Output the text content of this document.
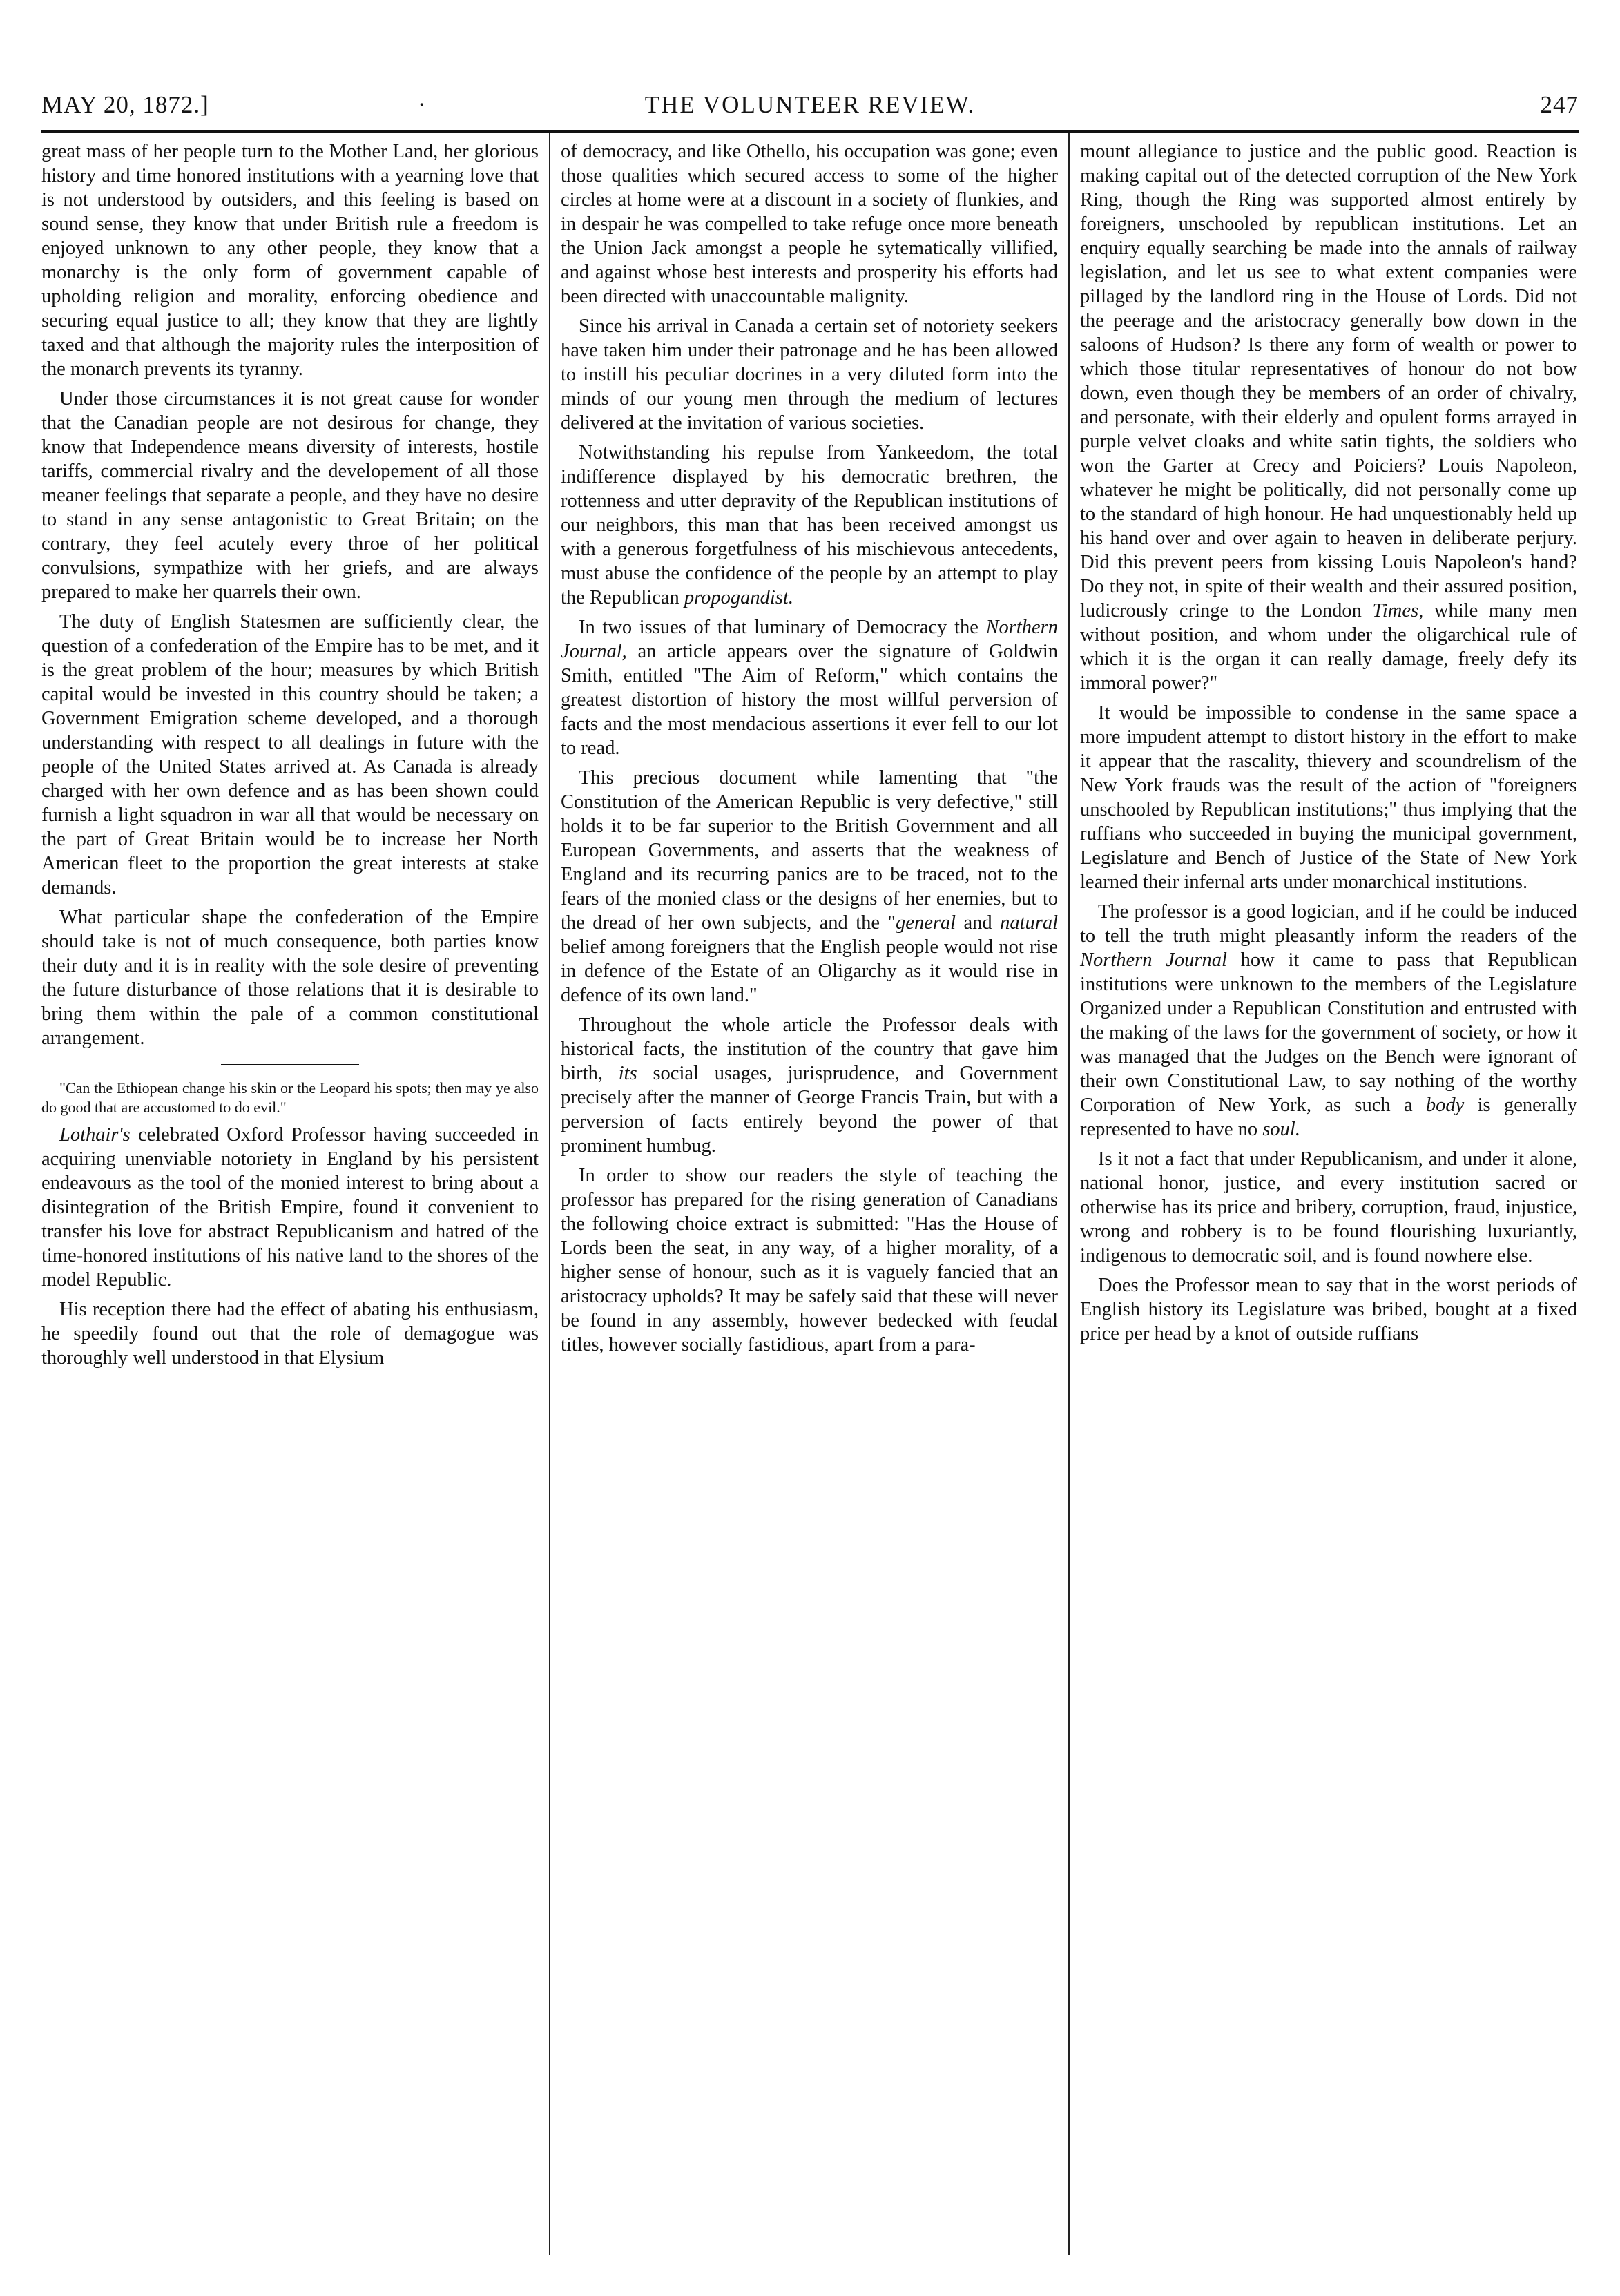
MAY 20, 1872.]	·	THE VOLUNTEER REVIEW.	247

great mass of her people turn to the Mother Land, her glorious history and time honored institutions with a yearning love that is not understood by outsiders, and this feeling is based on sound sense, they know that under British rule a freedom is enjoyed unknown to any other people, they know that a monarchy is the only form of government capable of upholding religion and morality, enforcing obedience and securing equal justice to all; they know that they are lightly taxed and that although the majority rules the interposition of the monarch prevents its tyranny.

Under those circumstances it is not great cause for wonder that the Canadian people are not desirous for change, they know that Independence means diversity of interests, hostile tariffs, commercial rivalry and the developement of all those meaner feelings that separate a people, and they have no desire to stand in any sense antagonistic to Great Britain; on the contrary, they feel acutely every throe of her political convulsions, sympathize with her griefs, and are always prepared to make her quarrels their own.

The duty of English Statesmen are sufficiently clear, the question of a confederation of the Empire has to be met, and it is the great problem of the hour; measures by which British capital would be invested in this country should be taken; a Government Emigration scheme developed, and a thorough understanding with respect to all dealings in future with the people of the United States arrived at. As Canada is already charged with her own defence and as has been shown could furnish a light squadron in war all that would be necessary on the part of Great Britain would be to increase her North American fleet to the proportion the great interests at stake demands.

What particular shape the confederation of the Empire should take is not of much consequence, both parties know their duty and it is in reality with the sole desire of preventing the future disturbance of those relations that it is desirable to bring them within the pale of a common constitutional arrangement.

"Can the Ethiopean change his skin or the Leopard his spots; then may ye also do good that are accustomed to do evil."

Lothair's celebrated Oxford Professor having succeeded in acquiring unenviable notoriety in England by his persistent endeavours as the tool of the monied interest to bring about a disintegration of the British Empire, found it convenient to transfer his love for abstract Republicanism and hatred of the time-honored institutions of his native land to the shores of the model Republic.

His reception there had the effect of abating his enthusiasm, he speedily found out that the role of demagogue was thoroughly well understood in that Elysium

of democracy, and like Othello, his occupation was gone; even those qualities which secured access to some of the higher circles at home were at a discount in a society of flunkies, and in despair he was compelled to take refuge once more beneath the Union Jack amongst a people he sytematically villified, and against whose best interests and prosperity his efforts had been directed with unaccountable malignity.

Since his arrival in Canada a certain set of notoriety seekers have taken him under their patronage and he has been allowed to instill his peculiar docrines in a very diluted form into the minds of our young men through the medium of lectures delivered at the invitation of various societies.

Notwithstanding his repulse from Yankeedom, the total indifference displayed by his democratic brethren, the rottenness and utter depravity of the Republican institutions of our neighbors, this man that has been received amongst us with a generous forgetfulness of his mischievous antecedents, must abuse the confidence of the people by an attempt to play the Republican propogandist.

In two issues of that luminary of Democracy the Northern Journal, an article appears over the signature of Goldwin Smith, entitled "The Aim of Reform," which contains the greatest distortion of history the most willful perversion of facts and the most mendacious assertions it ever fell to our lot to read.

This precious document while lamenting that "the Constitution of the American Republic is very defective," still holds it to be far superior to the British Government and all European Governments, and asserts that the weakness of England and its recurring panics are to be traced, not to the fears of the monied class or the designs of her enemies, but to the dread of her own subjects, and the "general and natural belief among foreigners that the English people would not rise in defence of the Estate of an Oligarchy as it would rise in defence of its own land."

Throughout the whole article the Professor deals with historical facts, the institution of the country that gave him birth, its social usages, jurisprudence, and Government precisely after the manner of George Francis Train, but with a perversion of facts entirely beyond the power of that prominent humbug.

In order to show our readers the style of teaching the professor has prepared for the rising generation of Canadians the following choice extract is submitted: "Has the House of Lords been the seat, in any way, of a higher morality, of a higher sense of honour, such as it is vaguely fancied that an aristocracy upholds? It may be safely said that these will never be found in any assembly, however bedecked with feudal titles, however socially fastidious, apart from a para-

mount allegiance to justice and the public good. Reaction is making capital out of the detected corruption of the New York Ring, though the Ring was supported almost entirely by foreigners, unschooled by republican institutions. Let an enquiry equally searching be made into the annals of railway legislation, and let us see to what extent companies were pillaged by the landlord ring in the House of Lords. Did not the peerage and the aristocracy generally bow down in the saloons of Hudson? Is there any form of wealth or power to which those titular representatives of honour do not bow down, even though they be members of an order of chivalry, and personate, with their elderly and opulent forms arrayed in purple velvet cloaks and white satin tights, the soldiers who won the Garter at Crecy and Poiciers? Louis Napoleon, whatever he might be politically, did not personally come up to the standard of high honour. He had unquestionably held up his hand over and over again to heaven in deliberate perjury. Did this prevent peers from kissing Louis Napoleon's hand? Do they not, in spite of their wealth and their assured position, ludicrously cringe to the London Times, while many men without position, and whom under the oligarchical rule of which it is the organ it can really damage, freely defy its immoral power?"

It would be impossible to condense in the same space a more impudent attempt to distort history in the effort to make it appear that the rascality, thievery and scoundrelism of the New York frauds was the result of the action of "foreigners unschooled by Republican institutions;" thus implying that the ruffians who succeeded in buying the municipal government, Legislature and Bench of Justice of the State of New York learned their infernal arts under monarchical institutions.

The professor is a good logician, and if he could be induced to tell the truth might pleasantly inform the readers of the Northern Journal how it came to pass that Republican institutions were unknown to the members of the Legislature Organized under a Republican Constitution and entrusted with the making of the laws for the government of society, or how it was managed that the Judges on the Bench were ignorant of their own Constitutional Law, to say nothing of the worthy Corporation of New York, as such a body is generally represented to have no soul.

Is it not a fact that under Republicanism, and under it alone, national honor, justice, and every institution sacred or otherwise has its price and bribery, corruption, fraud, injustice, wrong and robbery is to be found flourishing luxuriantly, indigenous to democratic soil, and is found nowhere else.

Does the Professor mean to say that in the worst periods of English history its Legislature was bribed, bought at a fixed price per head by a knot of outside ruffians
